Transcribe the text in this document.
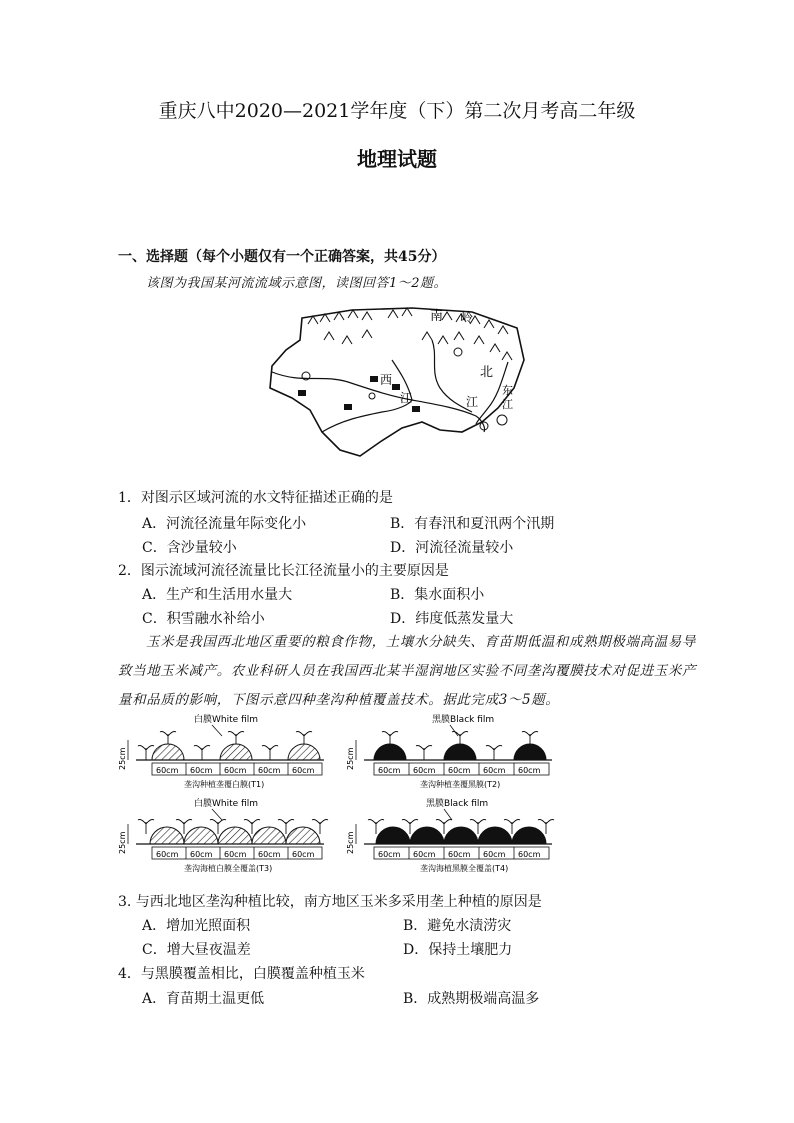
重庆八中2020—2021学年度（下）第二次月考高二年级
地理试题
一、选择题（每个小题仅有一个正确答案，共45分）
该图为我国某河流流域示意图，读图回答1～2题。
南 岭
西
江
北
江
东
江
1．对图示区域河流的水文特征描述正确的是
A．河流径流量年际变化小	B．有春汛和夏汛两个汛期
C．含沙量较小	D．河流径流量较小
2．图示流域河流径流量比长江径流量小的主要原因是
A．生产和生活用水量大	B．集水面积小
C．积雪融水补给小	D．纬度低蒸发量大
玉米是我国西北地区重要的粮食作物，土壤水分缺失、育苗期低温和成熟期极端高温易导致当地玉米减产。农业科研人员在我国西北某半湿润地区实验不同垄沟覆膜技术对促进玉米产量和品质的影响，下图示意四种垄沟种植覆盖技术。据此完成3～5题。
白膜White film
25cm
60cm 60cm 60cm 60cm 60cm
垄沟种植垄覆白膜(T1)
黑膜Black film
25cm
60cm 60cm 60cm 60cm 60cm
垄沟种植垄覆黑膜(T2)
白膜White film
25cm
60cm 60cm 60cm 60cm 60cm
垄沟海植白膜全覆盖(T3)
黑膜Black film
25cm
60cm 60cm 60cm 60cm 60cm
垄沟海植黑膜全覆盖(T4)
3. 与西北地区垄沟种植比较，南方地区玉米多采用垄上种植的原因是
A．增加光照面积	B．避免水渍涝灾
C．增大昼夜温差	D．保持土壤肥力
4．与黑膜覆盖相比，白膜覆盖种植玉米
A．育苗期土温更低	B．成熟期极端高温多
